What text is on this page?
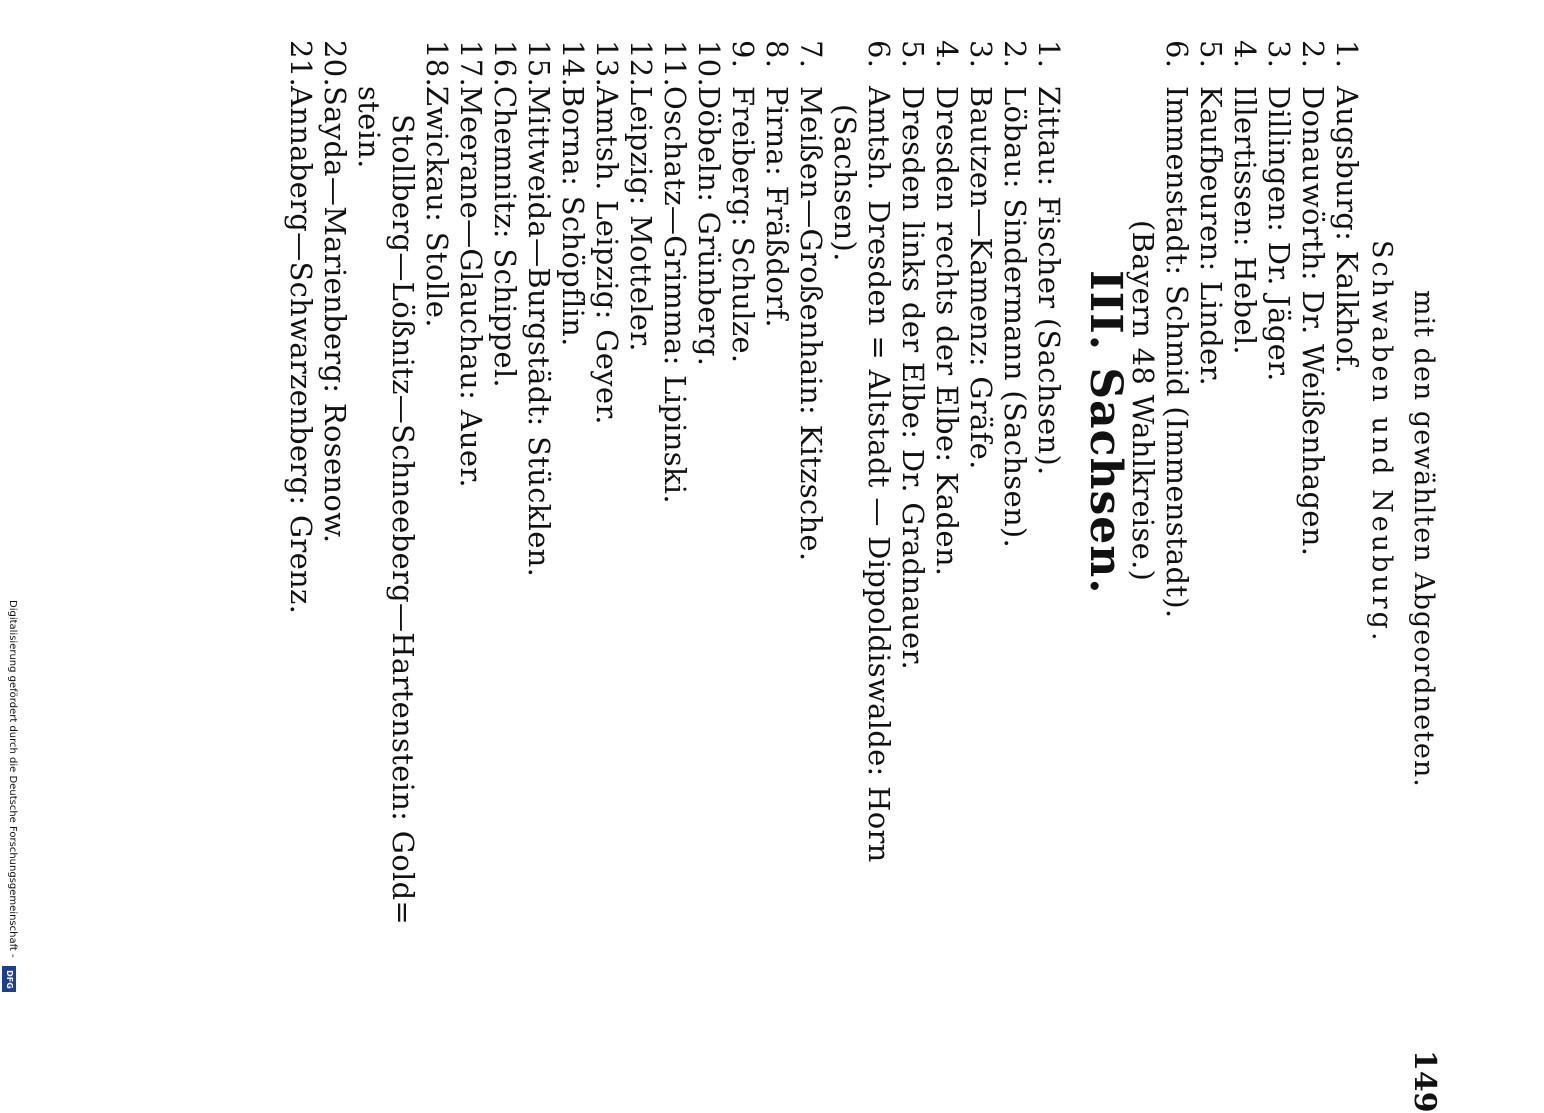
mit den gewählten Abgeordneten.
149
Schwaben und Neuburg.
1.Augsburg: Kalkhof.
2.Donauwörth: Dr. Weißenhagen.
3.Dillingen: Dr. Jäger.
4.Illertissen: Hebel.
5.Kaufbeuren: Linder.
6.Immenstadt: Schmid (Immenstadt).
(Bayern 48 Wahlkreise.)
III. Sachsen.
1.Zittau: Fischer (Sachsen).
2.Löbau: Sindermann (Sachsen).
3.Bautzen—Kamenz: Gräfe.
4.Dresden rechts der Elbe: Kaden.
5.Dresden links der Elbe: Dr. Gradnauer.
6.Amtsh. Dresden = Altstadt — Dippoldiswalde: Horn
(Sachsen).
7.Meißen—Großenhain: Kitzsche.
8.Pirna: Fräßdorf.
9.Freiberg: Schulze.
10.Döbeln: Grünberg.
11.Oschatz—Grimma: Lipinski.
12.Leipzig: Motteler.
13.Amtsh. Leipzig: Geyer.
14.Borna: Schöpflin.
15.Mittweida—Burgstädt: Stücklen.
16.Chemnitz: Schippel.
17.Meerane—Glauchau: Auer.
18.Zwickau: Stolle.
Stollberg—Lößnitz—Schneeberg—Hartenstein: Gold=
stein.
20.Sayda—Marienberg: Rosenow.
21.Annaberg—Schwarzenberg: Grenz.
Digitalisierung gefördert durch die Deutsche Forschungsgemeinschaft -
DFG
